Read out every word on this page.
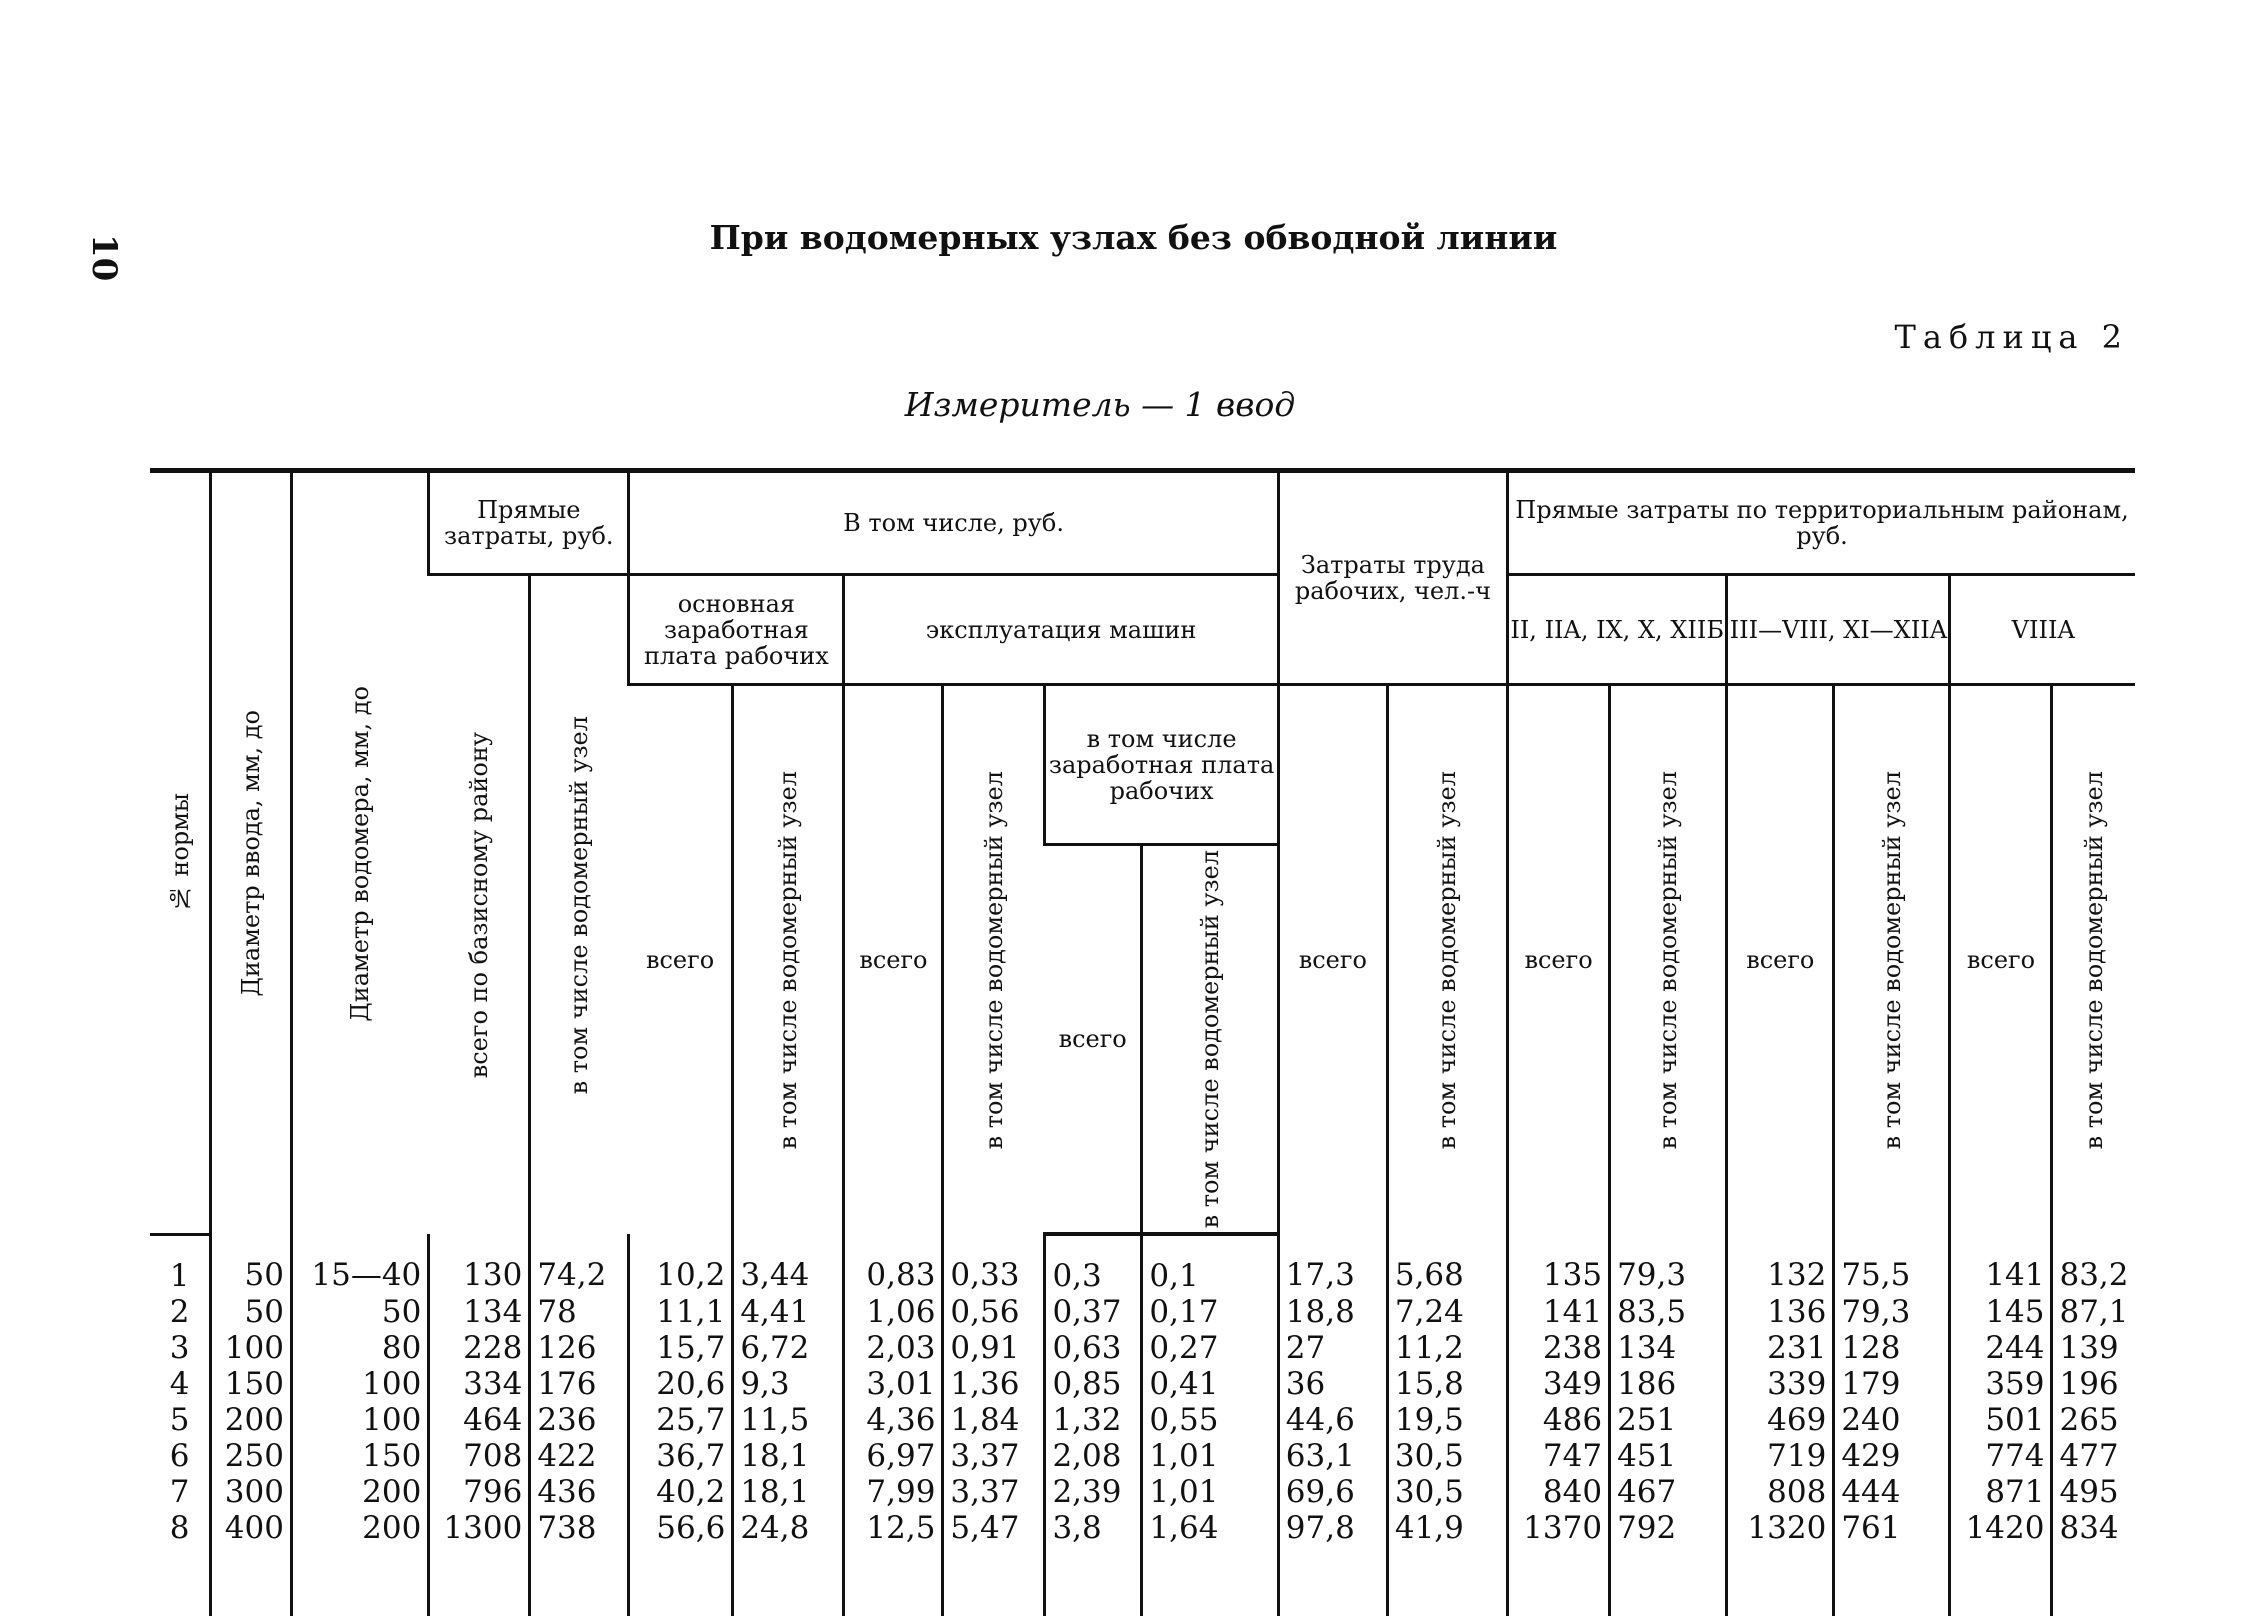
10	При водомерных узлах без обводной линии
Таблица 2
Измеритель — 1 ввод
№ нормы	Диаметр ввода, мм, до	Диаметр водомера, мм, до	Прямые затраты, руб.		В том числе, руб.						Затраты труда рабочих, чел.-ч		Прямые затраты по территориальным районам, руб.					

			всего по базисному району	в том числе водомерный узел	основная заработная плата рабочих		эксплуатация машин						II, IIA, IX, X, XIIБ		III—VIII, XI—XIIA		VIIIA	
					всего	в том числе водомерный узел	всего	в том числе водомерный узел	в том числе заработная плата рабочих		всего	в том числе водомерный узел	всего	в том числе водомерный узел	всего	в том числе водомерный узел	всего	в том числе водомерный узел

									всего	в том числе водомерный узел								

1	50	15—40	130	74,2	10,2	3,44	0,83	0,33	0,3	0,1	17,3	5,68	135	79,3	132	75,5	141	83,2
2	50	50	134	78	11,1	4,41	1,06	0,56	0,37	0,17	18,8	7,24	141	83,5	136	79,3	145	87,1
3	100	80	228	126	15,7	6,72	2,03	0,91	0,63	0,27	27	11,2	238	134	231	128	244	139
4	150	100	334	176	20,6	9,3	3,01	1,36	0,85	0,41	36	15,8	349	186	339	179	359	196
5	200	100	464	236	25,7	11,5	4,36	1,84	1,32	0,55	44,6	19,5	486	251	469	240	501	265
6	250	150	708	422	36,7	18,1	6,97	3,37	2,08	1,01	63,1	30,5	747	451	719	429	774	477
7	300	200	796	436	40,2	18,1	7,99	3,37	2,39	1,01	69,6	30,5	840	467	808	444	871	495
8	400	200	1300	738	56,6	24,8	12,5	5,47	3,8	1,64	97,8	41,9	1370	792	1320	761	1420	834
